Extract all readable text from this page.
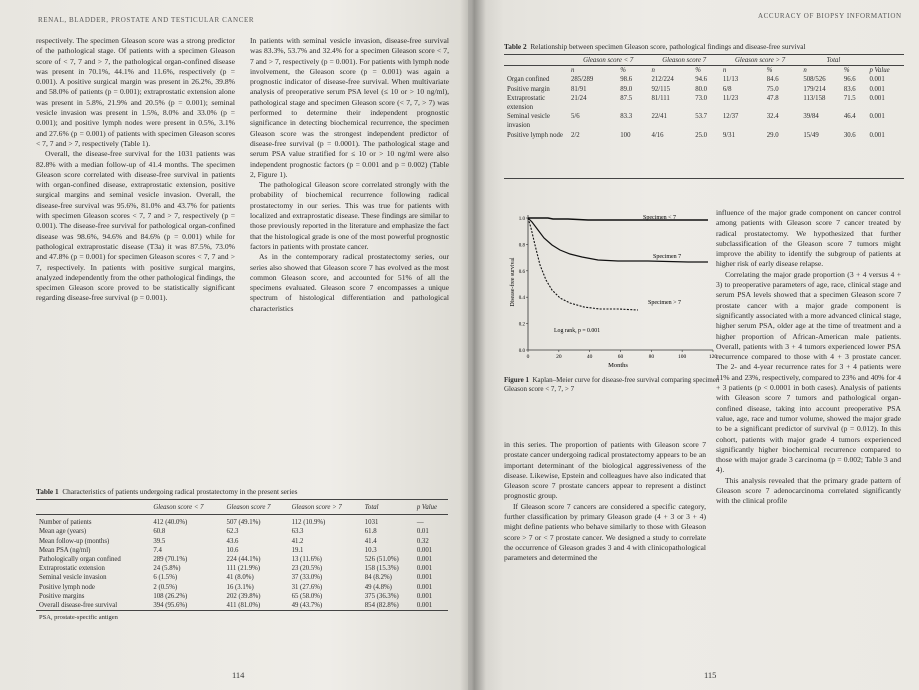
RENAL, BLADDER, PROSTATE AND TESTICULAR CANCER

respectively. The specimen Gleason score was a strong predictor of the pathological stage. Of patients with a specimen Gleason score of < 7, 7 and > 7, the pathological organ-confined disease was present in 70.1%, 44.1% and 11.6%, respectively (p = 0.001). A positive surgical margin was present in 26.2%, 39.8% and 58.0% of patients (p = 0.001); extraprostatic extension alone was present in 5.8%, 21.9% and 20.5% (p = 0.001); seminal vesicle invasion was present in 1.5%, 8.0% and 33.0% (p = 0.001); and positive lymph nodes were present in 0.5%, 3.1% and 27.6% (p = 0.001) of patients with specimen Gleason scores < 7, 7 and > 7, respectively (Table 1).

Overall, the disease-free survival for the 1031 patients was 82.8% with a median follow-up of 41.4 months. The specimen Gleason score correlated with disease-free survival in patients with organ-confined disease, extraprostatic extension, positive surgical margins and seminal vesicle invasion. Overall, the disease-free survival was 95.6%, 81.0% and 43.7% for patients with specimen Gleason scores < 7, 7 and > 7, respectively (p = 0.001). The disease-free survival for pathological organ-confined disease was 98.6%, 94.6% and 84.6% (p = 0.001) while for pathological extraprostatic disease (T3a) it was 87.5%, 73.0% and 47.8% (p = 0.001) for specimen Gleason scores < 7, 7 and > 7, respectively. In patients with positive surgical margins, analyzed independently from the other pathological findings, the specimen Gleason score proved to be statistically significant regarding disease-free survival (p = 0.001).

In patients with seminal vesicle invasion, disease-free survival was 83.3%, 53.7% and 32.4% for a specimen Gleason score < 7, 7 and > 7, respectively (p = 0.001). For patients with lymph node involvement, the Gleason score (p = 0.001) was again a prognostic indicator of disease-free survival. When multivariate analysis of preoperative serum PSA level (≤ 10 or > 10 ng/ml), pathological stage and specimen Gleason score (< 7, 7, > 7) was performed to determine their independent prognostic significance in detecting biochemical recurrence, the specimen Gleason score was the strongest independent predictor of disease-free survival (p = 0.0001). The pathological stage and serum PSA value stratified for ≤ 10 or > 10 ng/ml were also independent prognostic factors (p = 0.001 and p = 0.002) (Table 2, Figure 1).

The pathological Gleason score correlated strongly with the probability of biochemical recurrence following radical prostatectomy in our series. This was true for patients with localized and extraprostatic disease. These findings are similar to those previously reported in the literature and emphasize the fact that the histological grade is one of the most powerful prognostic factors in patients with prostate cancer.

As in the contemporary radical prostatectomy series, our series also showed that Gleason score 7 has evolved as the most common Gleason score, and accounted for 51% of all the specimens evaluated. Gleason score 7 encompasses a unique spectrum of histological differentiation and pathological characteristics

Table 1 Characteristics of patients undergoing radical prostatectomy in the present series
	Gleason score < 7	Gleason score 7	Gleason score > 7	Total	p Value
Number of patients	412 (40.0%)	507 (49.1%)	112 (10.9%)	1031	—
Mean age (years)	60.8	62.3	63.3	61.8	0.01
Mean follow-up (months)	39.5	43.6	41.2	41.4	0.32
Mean PSA (ng/ml)	7.4	10.6	19.1	10.3	0.001
Pathologically organ confined	289 (70.1%)	224 (44.1%)	13 (11.6%)	526 (51.0%)	0.001
Extraprostatic extension	24 (5.8%)	111 (21.9%)	23 (20.5%)	158 (15.3%)	0.001
Seminal vesicle invasion	6 (1.5%)	41 (8.0%)	37 (33.0%)	84 (8.2%)	0.001
Positive lymph node	2 (0.5%)	16 (3.1%)	31 (27.6%)	49 (4.8%)	0.001
Positive margins	108 (26.2%)	202 (39.8%)	65 (58.0%)	375 (36.3%)	0.001
Overall disease-free survival	394 (95.6%)	411 (81.0%)	49 (43.7%)	854 (82.8%)	0.001
PSA, prostate-specific antigen					
114
ACCURACY OF BIOPSY INFORMATION
Table 2 Relationship between specimen Gleason score, pathological findings and disease-free survival
	Gleason score < 7		Gleason score 7		Gleason score > 7		Total		
	n	%	n	%	n	%	n	%	p Value
Organ confined	285/289	98.6	212/224	94.6	11/13	84.6	508/526	96.6	0.001
Positive margin	81/91	89.0	92/115	80.0	6/8	75.0	179/214	83.6	0.001
Extraprostatic extension	21/24	87.5	81/111	73.0	11/23	47.8	113/158	71.5	0.001
Seminal vesicle invasion	5/6	83.3	22/41	53.7	12/37	32.4	39/84	46.4	0.001
Positive lymph node	2/2	100	4/16	25.0	9/31	29.0	15/49	30.6	0.001
0	20	40	60	80	100	120
0.0
0.2
0.4
0.6
0.8
1.0	Specimen < 7
Specimen 7
Specimen > 7
Log rank, p = 0.001
Months
Disease-free survival
Figure 1 Kaplan–Meier curve for disease-free survival comparing specimen Gleason score < 7, 7, > 7

in this series. The proportion of patients with Gleason score 7 prostate cancer undergoing radical prostatectomy appears to be an important determinant of the biological aggressiveness of the disease. Likewise, Epstein and colleagues have also indicated that Gleason score 7 prostate cancers appear to represent a distinct prognostic group.

If Gleason score 7 cancers are considered a specific category, further classification by primary Gleason grade (4 + 3 or 3 + 4) might define patients who behave similarly to those with Gleason score > 7 or < 7 prostate cancer. We designed a study to correlate the occurrence of Gleason grades 3 and 4 with clinicopathological parameters and determined the

influence of the major grade component on cancer control among patients with Gleason score 7 cancer treated by radical prostatectomy. We hypothesized that further subclassification of the Gleason score 7 tumors might improve the ability to identify the subgroup of patients at higher risk of early disease relapse.

Correlating the major grade proportion (3 + 4 versus 4 + 3) to preoperative parameters of age, race, clinical stage and serum PSA levels showed that a specimen Gleason score 7 prostate cancer with a major grade component is significantly associated with a more advanced clinical stage, higher serum PSA, older age at the time of treatment and a higher proportion of African-American male patients. Overall, patients with 3 + 4 tumors experienced lower PSA recurrence compared to those with 4 + 3 prostate cancer. The 2- and 4-year recurrence rates for 3 + 4 patients were 11% and 23%, respectively, compared to 23% and 40% for 4 + 3 patients (p < 0.0001 in both cases). Analysis of patients with Gleason score 7 tumors and pathological organ-confined disease, taking into account preoperative PSA value, age, race and tumor volume, showed the major grade to be a significant predictor of survival (p = 0.012). In this cohort, patients with major grade 4 tumors experienced significantly higher biochemical recurrence compared to those with major grade 3 carcinoma (p = 0.002; Table 3 and 4).

This analysis revealed that the primary grade pattern of Gleason score 7 adenocarcinoma correlated significantly with the clinical profile

115
